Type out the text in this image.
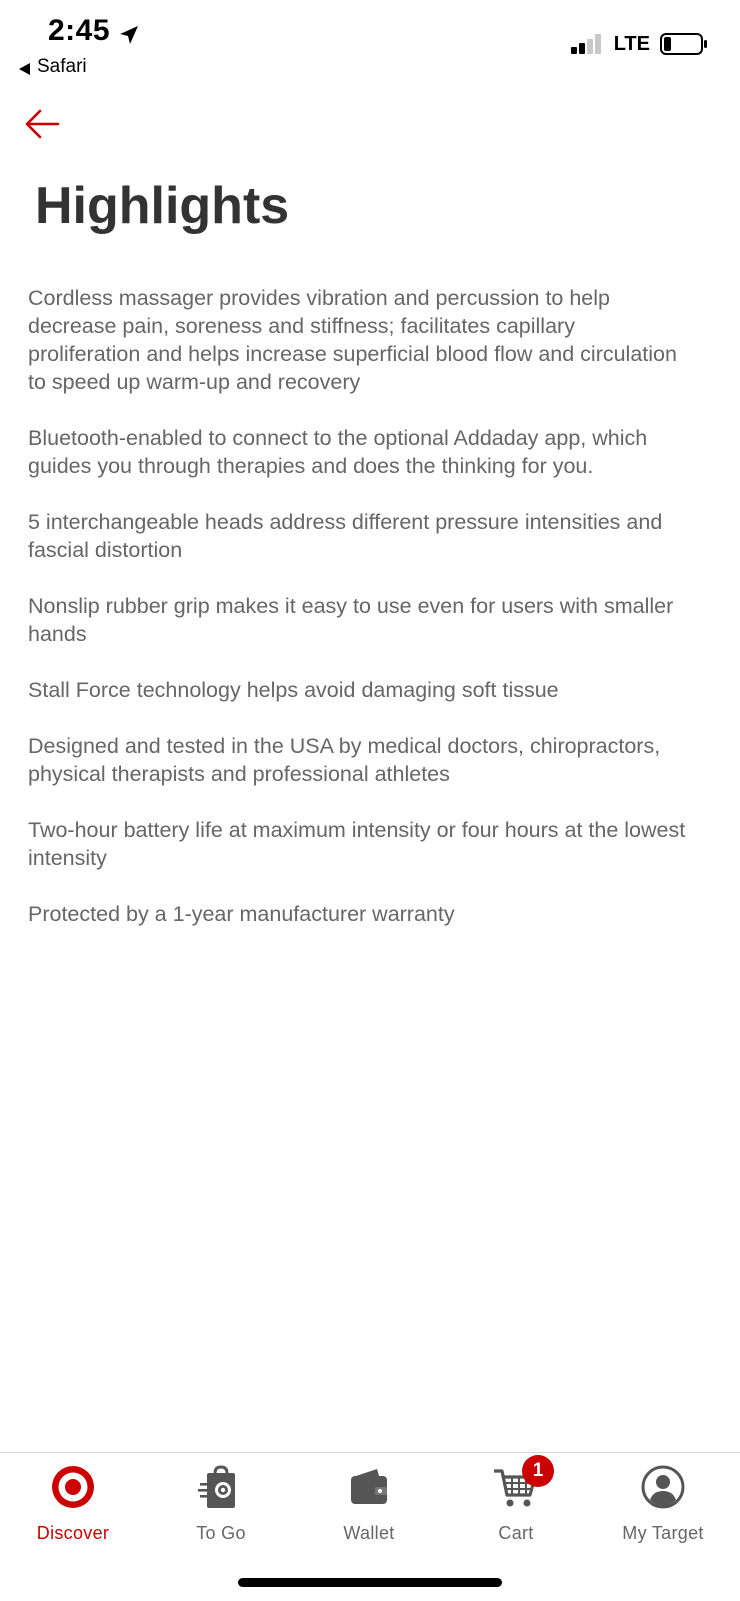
2:45
Safari
LTE
Highlights
Cordless massager provides vibration and percussion to help decrease pain, soreness and stiffness; facilitates capillary proliferation and helps increase superficial blood flow and circulation to speed up warm-up and recovery
Bluetooth-enabled to connect to the optional Addaday app, which guides you through therapies and does the thinking for you.
5 interchangeable heads address different pressure intensities and fascial distortion
Nonslip rubber grip makes it easy to use even for users with smaller hands
Stall Force technology helps avoid damaging soft tissue
Designed and tested in the USA by medical doctors, chiropractors, physical therapists and professional athletes
Two-hour battery life at maximum intensity or four hours at the lowest intensity
Protected by a 1-year manufacturer warranty
Discover	To Go	Wallet
1
Cart	My Target
